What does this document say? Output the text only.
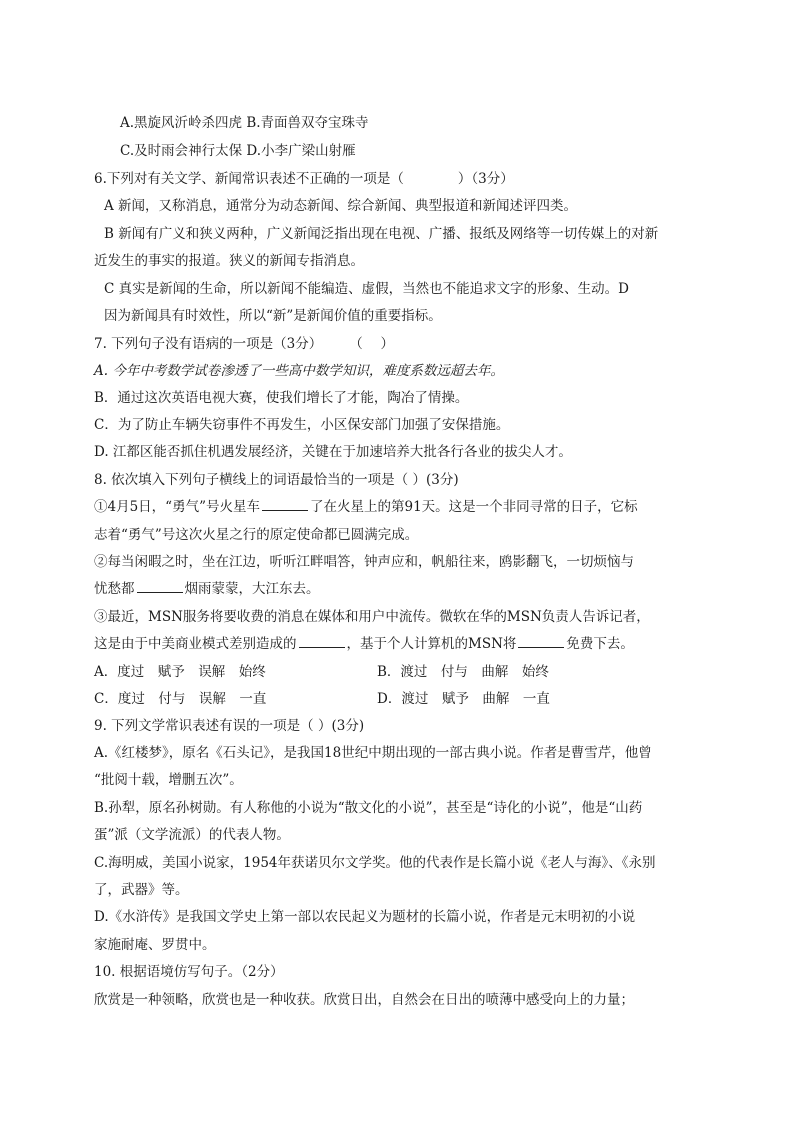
A.黑旋风沂岭杀四虎 B.青面兽双夺宝珠寺
C.及时雨会神行太保 D.小李广梁山射雁
6.下列对有关文学、新闻常识表述不正确的一项是（　　　　）（3分）
A 新闻，又称消息，通常分为动态新闻、综合新闻、典型报道和新闻述评四类。
B 新闻有广义和狭义两种，广义新闻泛指出现在电视、广播、报纸及网络等一切传媒上的对新
近发生的事实的报道。狭义的新闻专指消息。
C 真实是新闻的生命，所以新闻不能编造、虚假，当然也不能追求文字的形象、生动。D
因为新闻具有时效性，所以“新”是新闻价值的重要指标。
7. 下列句子没有语病的一项是（3分）　　　（　 ）
A. 今年中考数学试卷渗透了一些高中数学知识，难度系数远超去年。
B．通过这次英语电视大赛，使我们增长了才能，陶冶了情操。
C．为了防止车辆失窃事件不再发生，小区保安部门加强了安保措施。
D. 江都区能否抓住机遇发展经济，关键在于加速培养大批各行各业的拔尖人才。
8. 依次填入下列句子横线上的词语最恰当的一项是（ ）(3分)
①4月5日，“勇气”号火星车	了在火星上的第91天。这是一个非同寻常的日子，它标
志着“勇气”号这次火星之行的原定使命都已圆满完成。
②每当闲暇之时，坐在江边，听听江畔唱答，钟声应和，帆船往来，鸥影翻飞，一切烦恼与
忧愁都	烟雨蒙蒙，大江东去。
③最近，MSN服务将要收费的消息在媒体和用户中流传。微软在华的MSN负责人告诉记者，
这是由于中美商业模式差别造成的	，基于个人计算机的MSN将	免费下去。
A．度过　赋予　误解　始终	B．渡过　付与　曲解　始终
C．度过　付与　误解　一直	D．渡过　赋予　曲解　一直
9. 下列文学常识表述有误的一项是（ ）(3分)
A.《红楼梦》，原名《石头记》，是我国18世纪中期出现的一部古典小说。作者是曹雪芹，他曾
“批阅十载，增删五次”。
B.孙犁，原名孙树勋。有人称他的小说为“散文化的小说”，甚至是“诗化的小说”，他是“山药
蛋”派（文学流派）的代表人物。
C.海明威，美国小说家，1954年获诺贝尔文学奖。他的代表作是长篇小说《老人与海》、《永别
了，武器》等。
D.《水浒传》是我国文学史上第一部以农民起义为题材的长篇小说，作者是元末明初的小说
家施耐庵、罗贯中。
10. 根据语境仿写句子。（2分）
欣赏是一种领略，欣赏也是一种收获。欣赏日出，自然会在日出的喷薄中感受向上的力量；
